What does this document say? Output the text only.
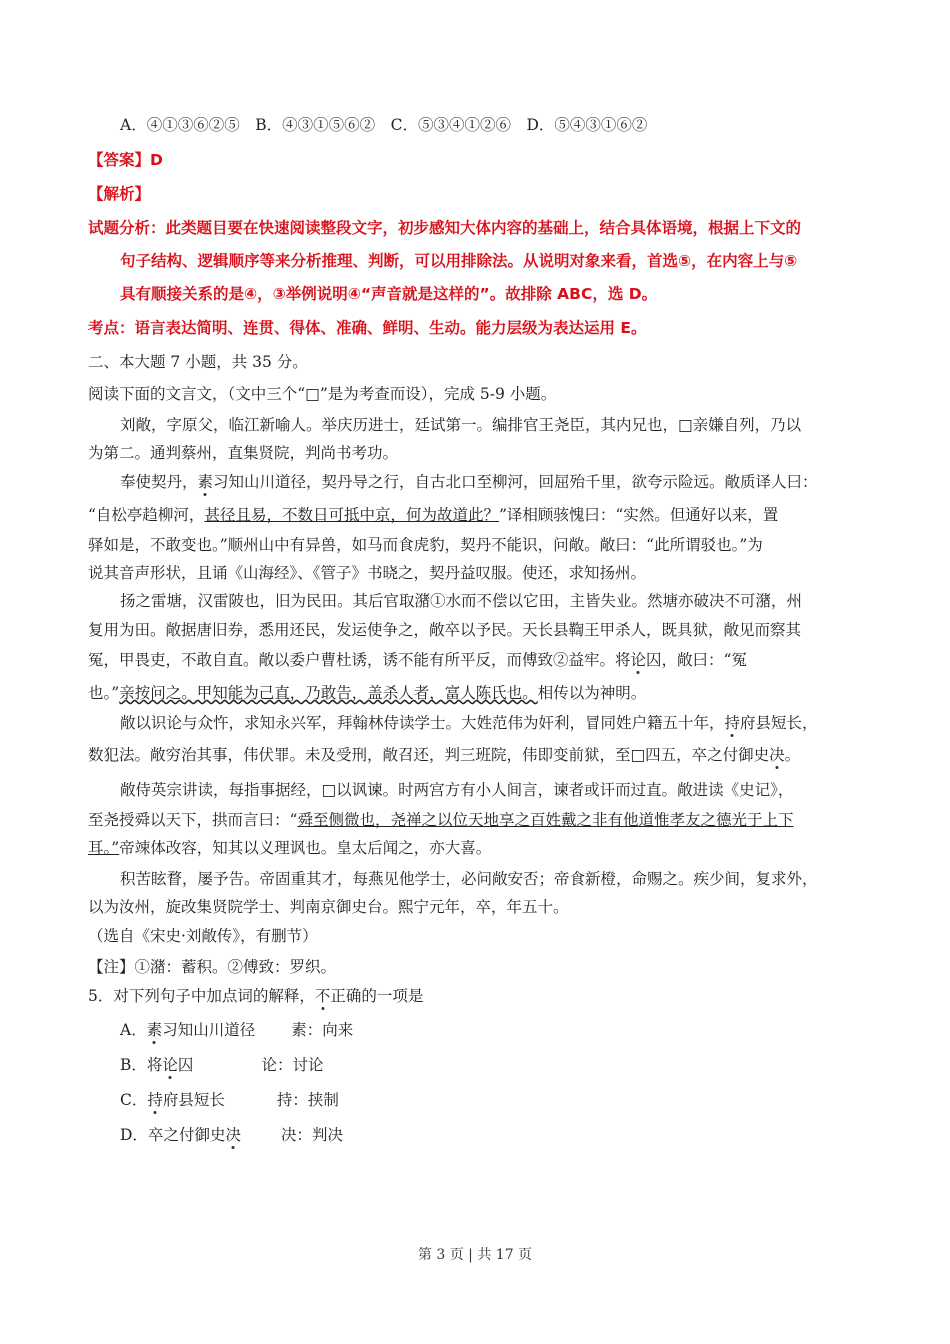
A．④①③⑥②⑤　B．④③①⑤⑥②　C．⑤③④①②⑥　D．⑤④③①⑥②
【答案】D
【解析】
试题分析：此类题目要在快速阅读整段文字，初步感知大体内容的基础上，结合具体语境，根据上下文的
句子结构、逻辑顺序等来分析推理、判断，可以用排除法。从说明对象来看，首选⑤，在内容上与⑤
具有顺接关系的是④，③举例说明④“声音就是这样的”。故排除 ABC，选 D。
考点：语言表达简明、连贯、得体、准确、鲜明、生动。能力层级为表达运用 E。
二、本大题 7 小题，共 35 分。
阅读下面的文言文，（文中三个“□”是为考查而设），完成 5-9 小题。
刘敞，字原父，临江新喻人。举庆历进士，廷试第一。编排官王尧臣，其内兄也，□亲嫌自列，乃以
为第二。通判蔡州，直集贤院，判尚书考功。
奉使契丹，素习知山川道径，契丹导之行，自古北口至柳河，回屈殆千里，欲夸示险远。敞质译人曰：
“自松亭趋柳河，甚径且易，不数日可抵中京，何为故道此？”译相顾骇愧曰：“实然。但通好以来，置
驿如是，不敢变也。”顺州山中有异兽，如马而食虎豹，契丹不能识，问敞。敞曰：“此所谓驳也。”为
说其音声形状，且诵《山海经》、《管子》书晓之，契丹益叹服。使还，求知扬州。
扬之雷塘，汉雷陂也，旧为民田。其后官取潴①水而不偿以它田，主皆失业。然塘亦破决不可潴，州
复用为田。敞据唐旧券，悉用还民，发运使争之，敞卒以予民。天长县鞫王甲杀人，既具狱，敞见而察其
冤，甲畏吏，不敢自直。敞以委户曹杜诱，诱不能有所平反，而傅致②益牢。将论囚，敞曰：“冤
也。”亲按问之。甲知能为己直，乃敢告，盖杀人者，富人陈氏也。相传以为神明。
敞以识论与众忤，求知永兴军，拜翰林侍读学士。大姓范伟为奸利，冒同姓户籍五十年，持府县短长，
数犯法。敞穷治其事，伟伏罪。未及受刑，敞召还，判三班院，伟即变前狱，至□四五，卒之付御史决。
敞侍英宗讲读，每指事据经，□以讽谏。时两宫方有小人间言，谏者或讦而过直。敞进读《史记》，
至尧授舜以天下，拱而言曰：“舜至侧微也，尧禅之以位天地享之百姓戴之非有他道惟孝友之德光于上下
耳。”帝竦体改容，知其以义理讽也。皇太后闻之，亦大喜。
积苦眩瞀，屡予告。帝固重其才，每燕见他学士，必问敞安否；帝食新橙，命赐之。疾少间，复求外，
以为汝州，旋改集贤院学士、判南京御史台。熙宁元年，卒，年五十。
（选自《宋史·刘敞传》，有删节）
【注】①潴：蓄积。②傅致：罗织。
5．对下列句子中加点词的解释，不正确的一项是
A．素习知山川道径 素：向来
B．将论囚	论：讨论
C．持府县短长	持：挟制
D．卒之付御史决	决：判决
第 3 页 | 共 17 页
